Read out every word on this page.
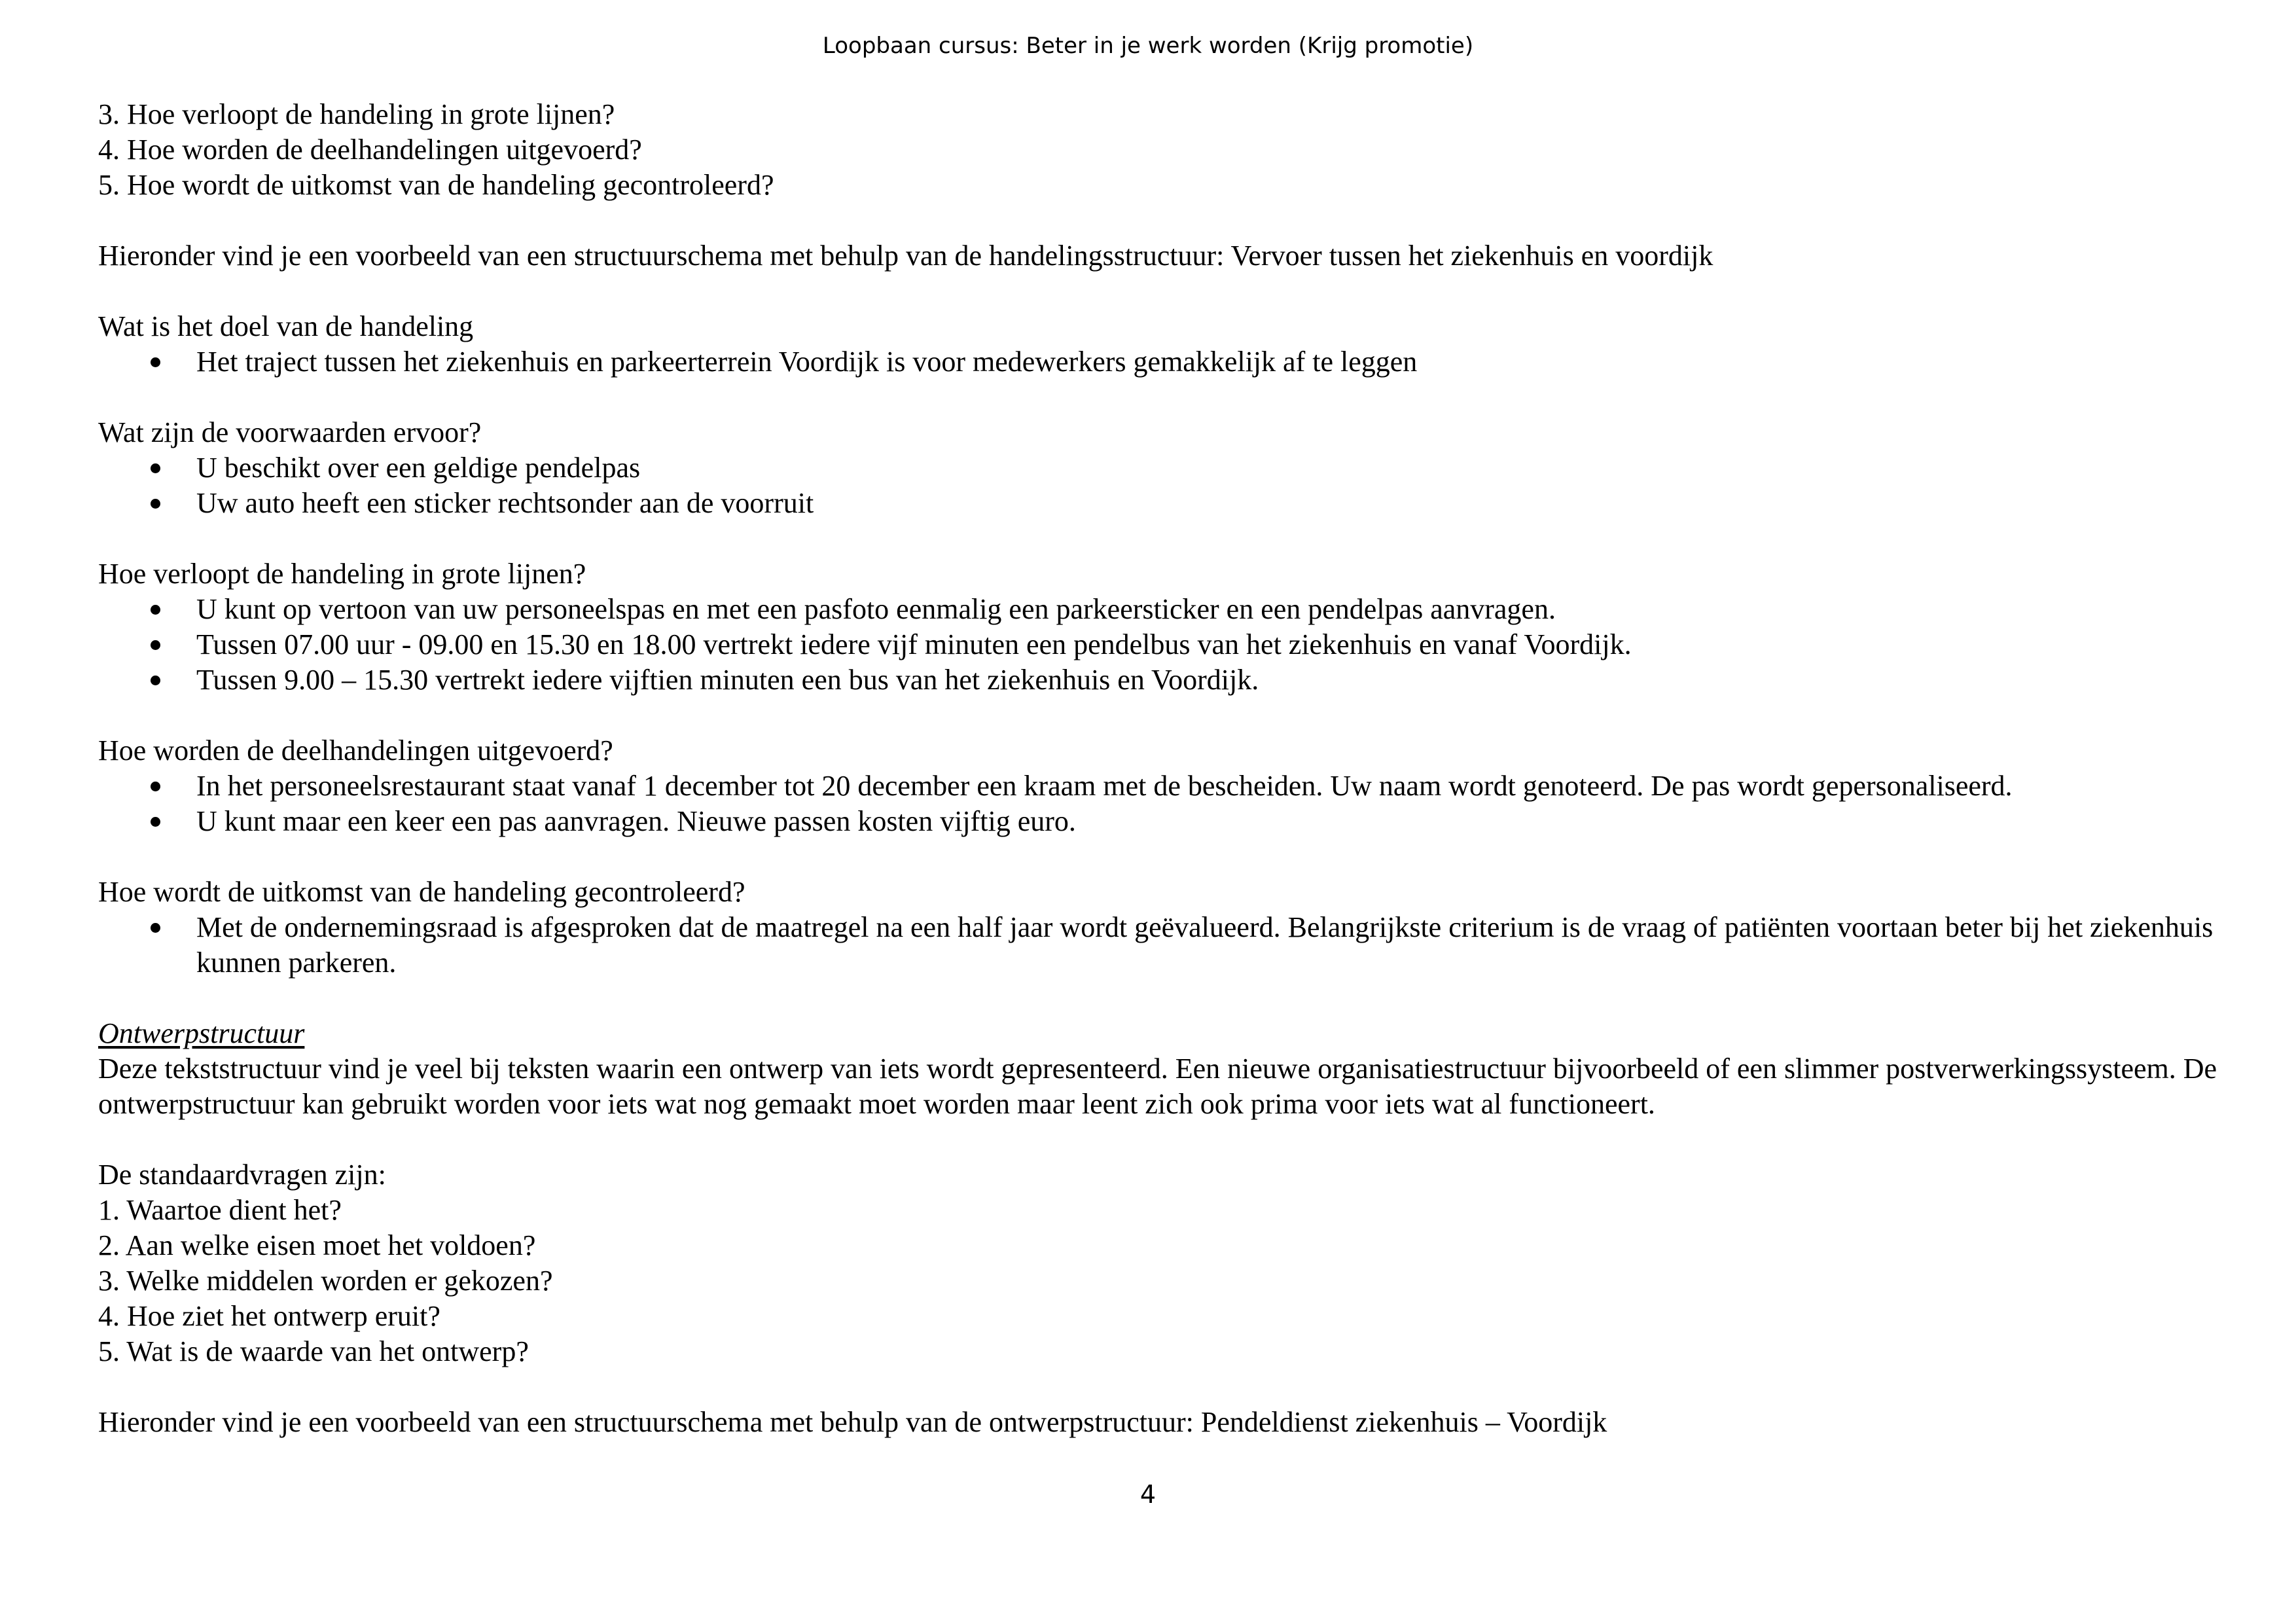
Loopbaan cursus: Beter in je werk worden (Krijg promotie)

3. Hoe verloopt de handeling in grote lijnen?

4. Hoe worden de deelhandelingen uitgevoerd?

5. Hoe wordt de uitkomst van de handeling gecontroleerd?

Hieronder vind je een voorbeeld van een structuurschema met behulp van de handelingsstructuur: Vervoer tussen het ziekenhuis en voordijk

Wat is het doel van de handeling

Het traject tussen het ziekenhuis en parkeerterrein Voordijk is voor medewerkers gemakkelijk af te leggen

Wat zijn de voorwaarden ervoor?

U beschikt over een geldige pendelpas
Uw auto heeft een sticker rechtsonder aan de voorruit

Hoe verloopt de handeling in grote lijnen?

U kunt op vertoon van uw personeelspas en met een pasfoto eenmalig een parkeersticker en een pendelpas aanvragen.
Tussen 07.00 uur - 09.00 en 15.30 en 18.00 vertrekt iedere vijf minuten een pendelbus van het ziekenhuis en vanaf Voordijk.
Tussen 9.00 – 15.30 vertrekt iedere vijftien minuten een bus van het ziekenhuis en Voordijk.

Hoe worden de deelhandelingen uitgevoerd?

In het personeelsrestaurant staat vanaf 1 december tot 20 december een kraam met de bescheiden. Uw naam wordt genoteerd. De pas wordt gepersonaliseerd.
U kunt maar een keer een pas aanvragen. Nieuwe passen kosten vijftig euro.

Hoe wordt de uitkomst van de handeling gecontroleerd?

Met de ondernemingsraad is afgesproken dat de maatregel na een half jaar wordt geëvalueerd. Belangrijkste criterium is de vraag of patiënten voortaan beter bij het ziekenhuis kunnen parkeren.

Ontwerpstructuur

Deze tekststructuur vind je veel bij teksten waarin een ontwerp van iets wordt gepresenteerd. Een nieuwe organisatiestructuur bijvoorbeeld of een slimmer postverwerkingssysteem. De ontwerpstructuur kan gebruikt worden voor iets wat nog gemaakt moet worden maar leent zich ook prima voor iets wat al functioneert.

De standaardvragen zijn:

1. Waartoe dient het?

2. Aan welke eisen moet het voldoen?

3. Welke middelen worden er gekozen?

4. Hoe ziet het ontwerp eruit?

5. Wat is de waarde van het ontwerp?

Hieronder vind je een voorbeeld van een structuurschema met behulp van de ontwerpstructuur: Pendeldienst ziekenhuis – Voordijk

4
